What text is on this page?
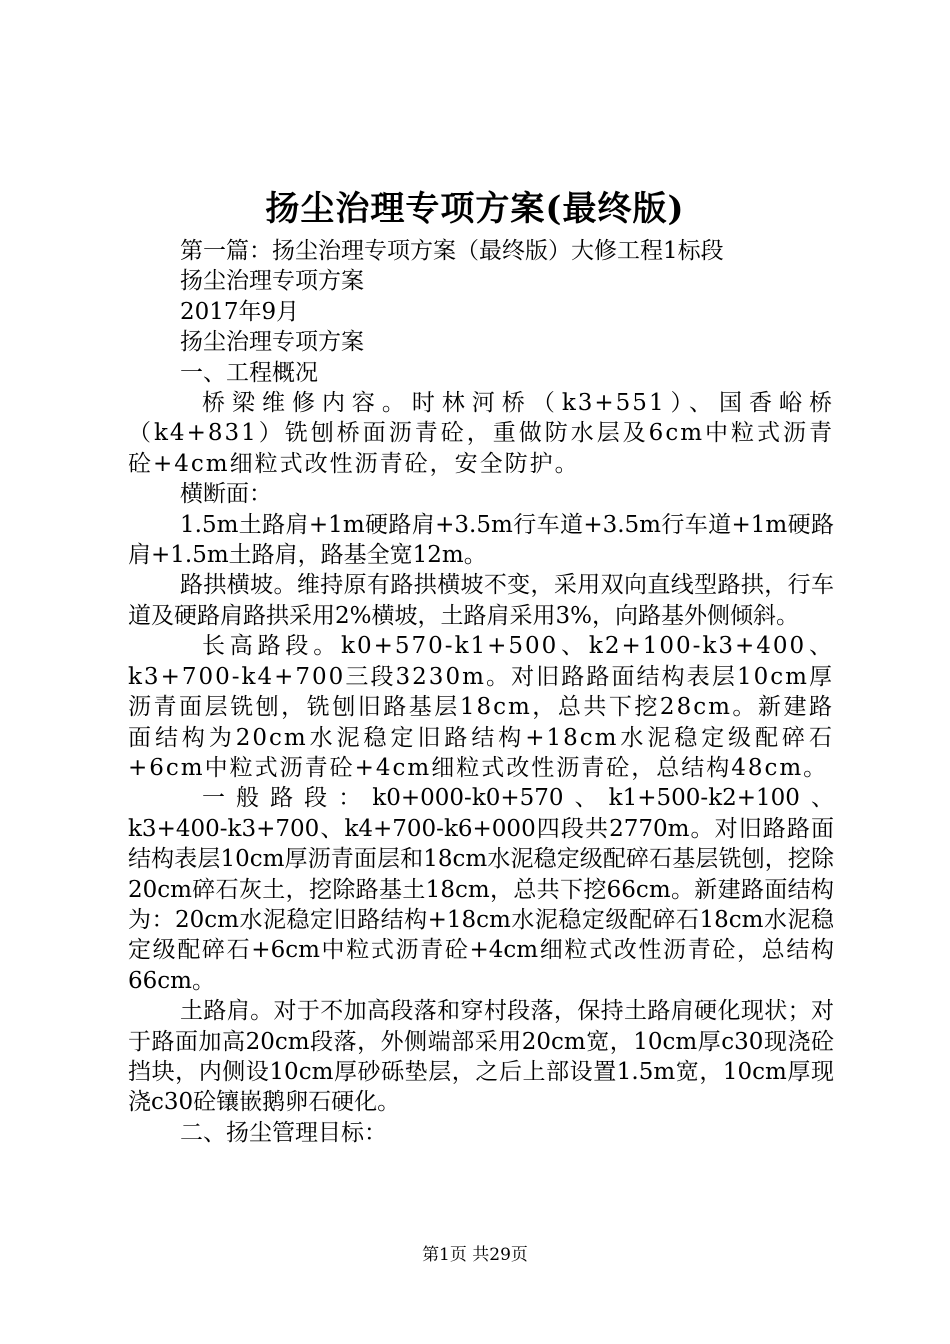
扬尘治理专项方案(最终版)

第一篇：扬尘治理专项方案（最终版）大修工程1标段

扬尘治理专项方案

2017年9月

扬尘治理专项方案

一、工程概况

桥梁维修内容。时林河桥（k3+551）、国香峪桥（k4+831）铣刨桥面沥青砼，重做防水层及6cm中粒式沥青砼+4cm细粒式改性沥青砼，安全防护。

横断面：

1.5m土路肩+1m硬路肩+3.5m行车道+3.5m行车道+1m硬路肩+1.5m土路肩，路基全宽12m。

路拱横坡。维持原有路拱横坡不变，采用双向直线型路拱，行车道及硬路肩路拱采用2%横坡，土路肩采用3%，向路基外侧倾斜。

长高路段。k0+570-k1+500、k2+100-k3+400、k3+700-k4+700三段3230m。对旧路路面结构表层10cm厚沥青面层铣刨，铣刨旧路基层18cm，总共下挖28cm。新建路面结构为20cm水泥稳定旧路结构+18cm水泥稳定级配碎石+6cm中粒式沥青砼+4cm细粒式改性沥青砼，总结构48cm。

一般路段：k0+000-k0+570、k1+500-k2+100、k3+400-k3+700、k4+700-k6+000四段共2770m。对旧路路面结构表层10cm厚沥青面层和18cm水泥稳定级配碎石基层铣刨，挖除20cm碎石灰土，挖除路基土18cm，总共下挖66cm。新建路面结构为：20cm水泥稳定旧路结构+18cm水泥稳定级配碎石18cm水泥稳定级配碎石+6cm中粒式沥青砼+4cm细粒式改性沥青砼，总结构66cm。

土路肩。对于不加高段落和穿村段落，保持土路肩硬化现状；对于路面加高20cm段落，外侧端部采用20cm宽，10cm厚c30现浇砼挡块，内侧设10cm厚砂砾垫层，之后上部设置1.5m宽，10cm厚现浇c30砼镶嵌鹅卵石硬化。

二、扬尘管理目标：

第1页 共29页
